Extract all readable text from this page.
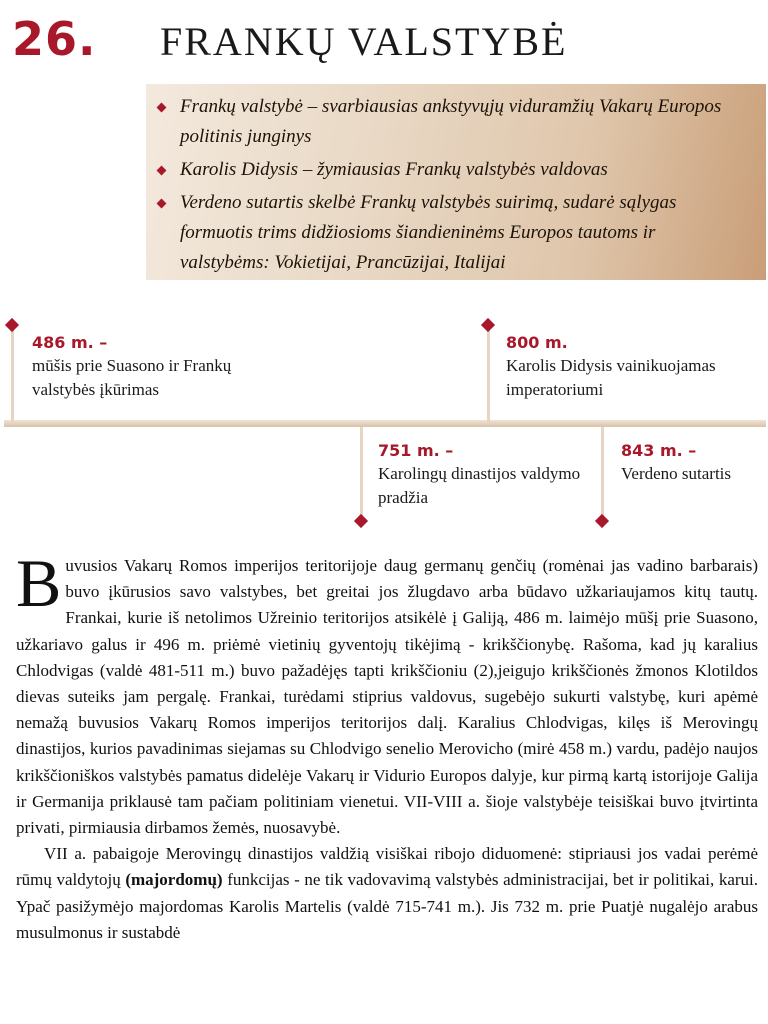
26. FRANKŲ VALSTYBĖ
Frankų valstybė – svarbiausias ankstyvųjų viduramžių Vakarų Europos politinis junginys
Karolis Didysis – žymiausias Frankų valstybės valdovas
Verdeno sutartis skelbė Frankų valstybės suirimą, sudarė sąlygas formuotis trims didžiosioms šiandieninėms Europos tautoms ir valstybėms: Vokietijai, Prancūzijai, Italijai
486 m. –
mūšis prie Suasono ir Frankų valstybės įkūrimas
800 m.
Karolis Didysis vainikuojamas imperatoriumi
751 m. –
Karolingų dinastijos valdymo pradžia
843 m. –
Verdeno sutartis

Buvusios Vakarų Romos imperijos teritorijoje daug germanų genčių (romėnai jas vadino barbarais) buvo įkūrusios savo valstybes, bet greitai jos žlugdavo arba būdavo užkariaujamos kitų tautų. Frankai, kurie iš netolimos Užreinio teritorijos atsikėlė į Galiją, 486 m. laimėjo mūšį prie Suasono, užkariavo galus ir 496 m. priėmė vietinių gyventojų tikėjimą - krikščionybę. Rašoma, kad jų karalius Chlodvigas (valdė 481-511 m.) buvo pažadėjęs tapti krikščioniu (2),jeigujo krikščionės žmonos Klotildos dievas suteiks jam pergalę. Frankai, turėdami stiprius valdovus, sugebėjo sukurti valstybę, kuri apėmė nemažą buvusios Vakarų Romos imperijos teritorijos dalį. Karalius Chlodvigas, kilęs iš Merovingų dinastijos, kurios pavadinimas siejamas su Chlodvigo senelio Merovicho (mirė 458 m.) vardu, padėjo naujos krikščioniškos valstybės pamatus didelėje Vakarų ir Vidurio Europos dalyje, kur pirmą kartą istorijoje Galija ir Germanija priklausė tam pačiam politiniam vienetui. VII-VIII a. šioje valstybėje teisiškai buvo įtvirtinta privati, pirmiausia dirbamos žemės, nuosavybė.

VII a. pabaigoje Merovingų dinastijos valdžią visiškai ribojo diduomenė: stipriausi jos vadai perėmė rūmų valdytojų (majordomų) funkcijas - ne tik vadovavimą valstybės administracijai, bet ir politikai, karui. Ypač pasižymėjo majordomas Karolis Martelis (valdė 715-741 m.). Jis 732 m. prie Puatjė nugalėjo arabus musulmonus ir sustabdė
